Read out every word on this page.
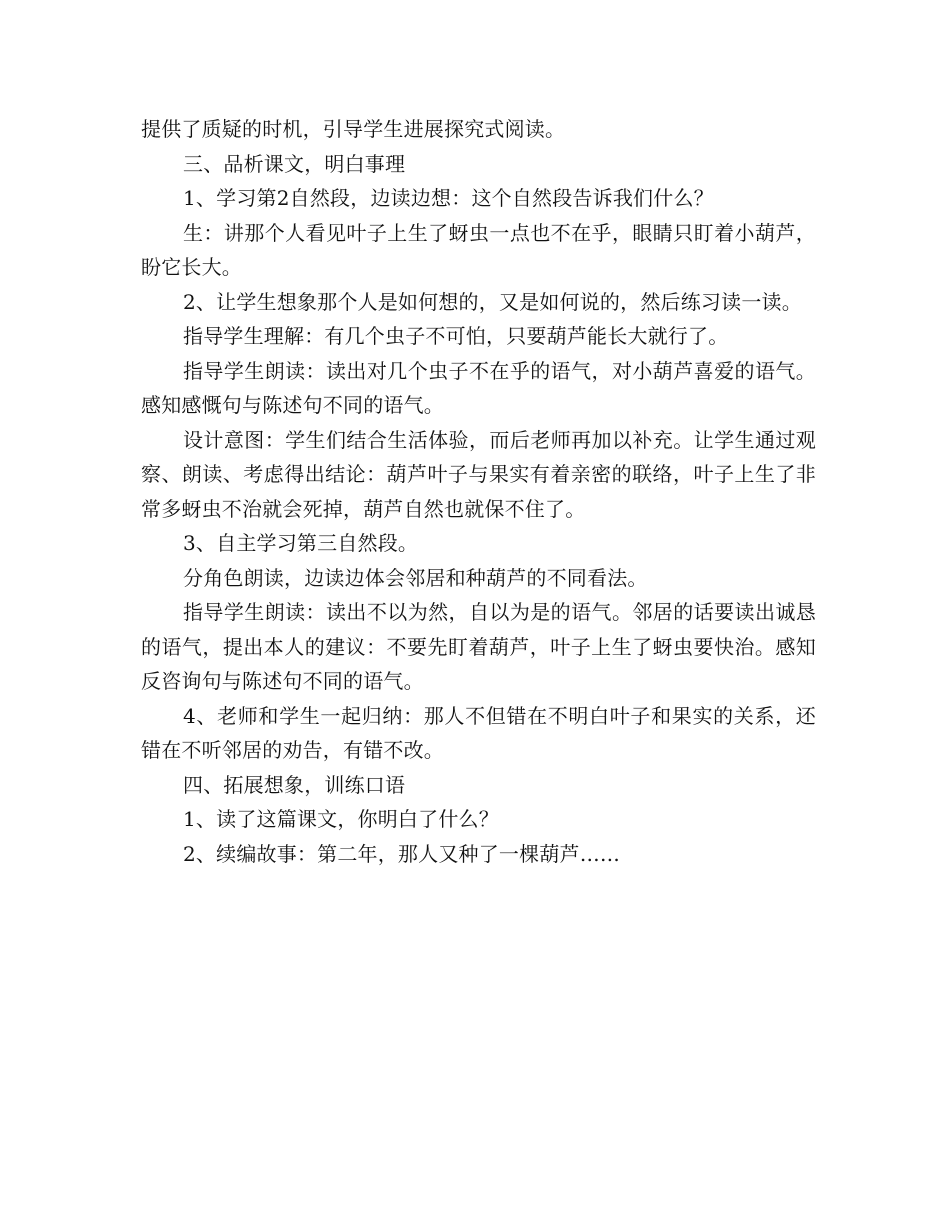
提供了质疑的时机，引导学生进展探究式阅读。

三、品析课文，明白事理

1、学习第2自然段，边读边想：这个自然段告诉我们什么？

生：讲那个人看见叶子上生了蚜虫一点也不在乎，眼睛只盯着小葫芦，盼它长大。

2、让学生想象那个人是如何想的，又是如何说的，然后练习读一读。

指导学生理解：有几个虫子不可怕，只要葫芦能长大就行了。

指导学生朗读：读出对几个虫子不在乎的语气，对小葫芦喜爱的语气。感知感慨句与陈述句不同的语气。

设计意图：学生们结合生活体验，而后老师再加以补充。让学生通过观察、朗读、考虑得出结论：葫芦叶子与果实有着亲密的联络，叶子上生了非常多蚜虫不治就会死掉，葫芦自然也就保不住了。

3、自主学习第三自然段。

分角色朗读，边读边体会邻居和种葫芦的不同看法。

指导学生朗读：读出不以为然，自以为是的语气。邻居的话要读出诚恳的语气，提出本人的建议：不要先盯着葫芦，叶子上生了蚜虫要快治。感知反咨询句与陈述句不同的语气。

4、老师和学生一起归纳：那人不但错在不明白叶子和果实的关系，还错在不听邻居的劝告，有错不改。

四、拓展想象，训练口语

1、读了这篇课文，你明白了什么？

2、续编故事：第二年，那人又种了一棵葫芦……
